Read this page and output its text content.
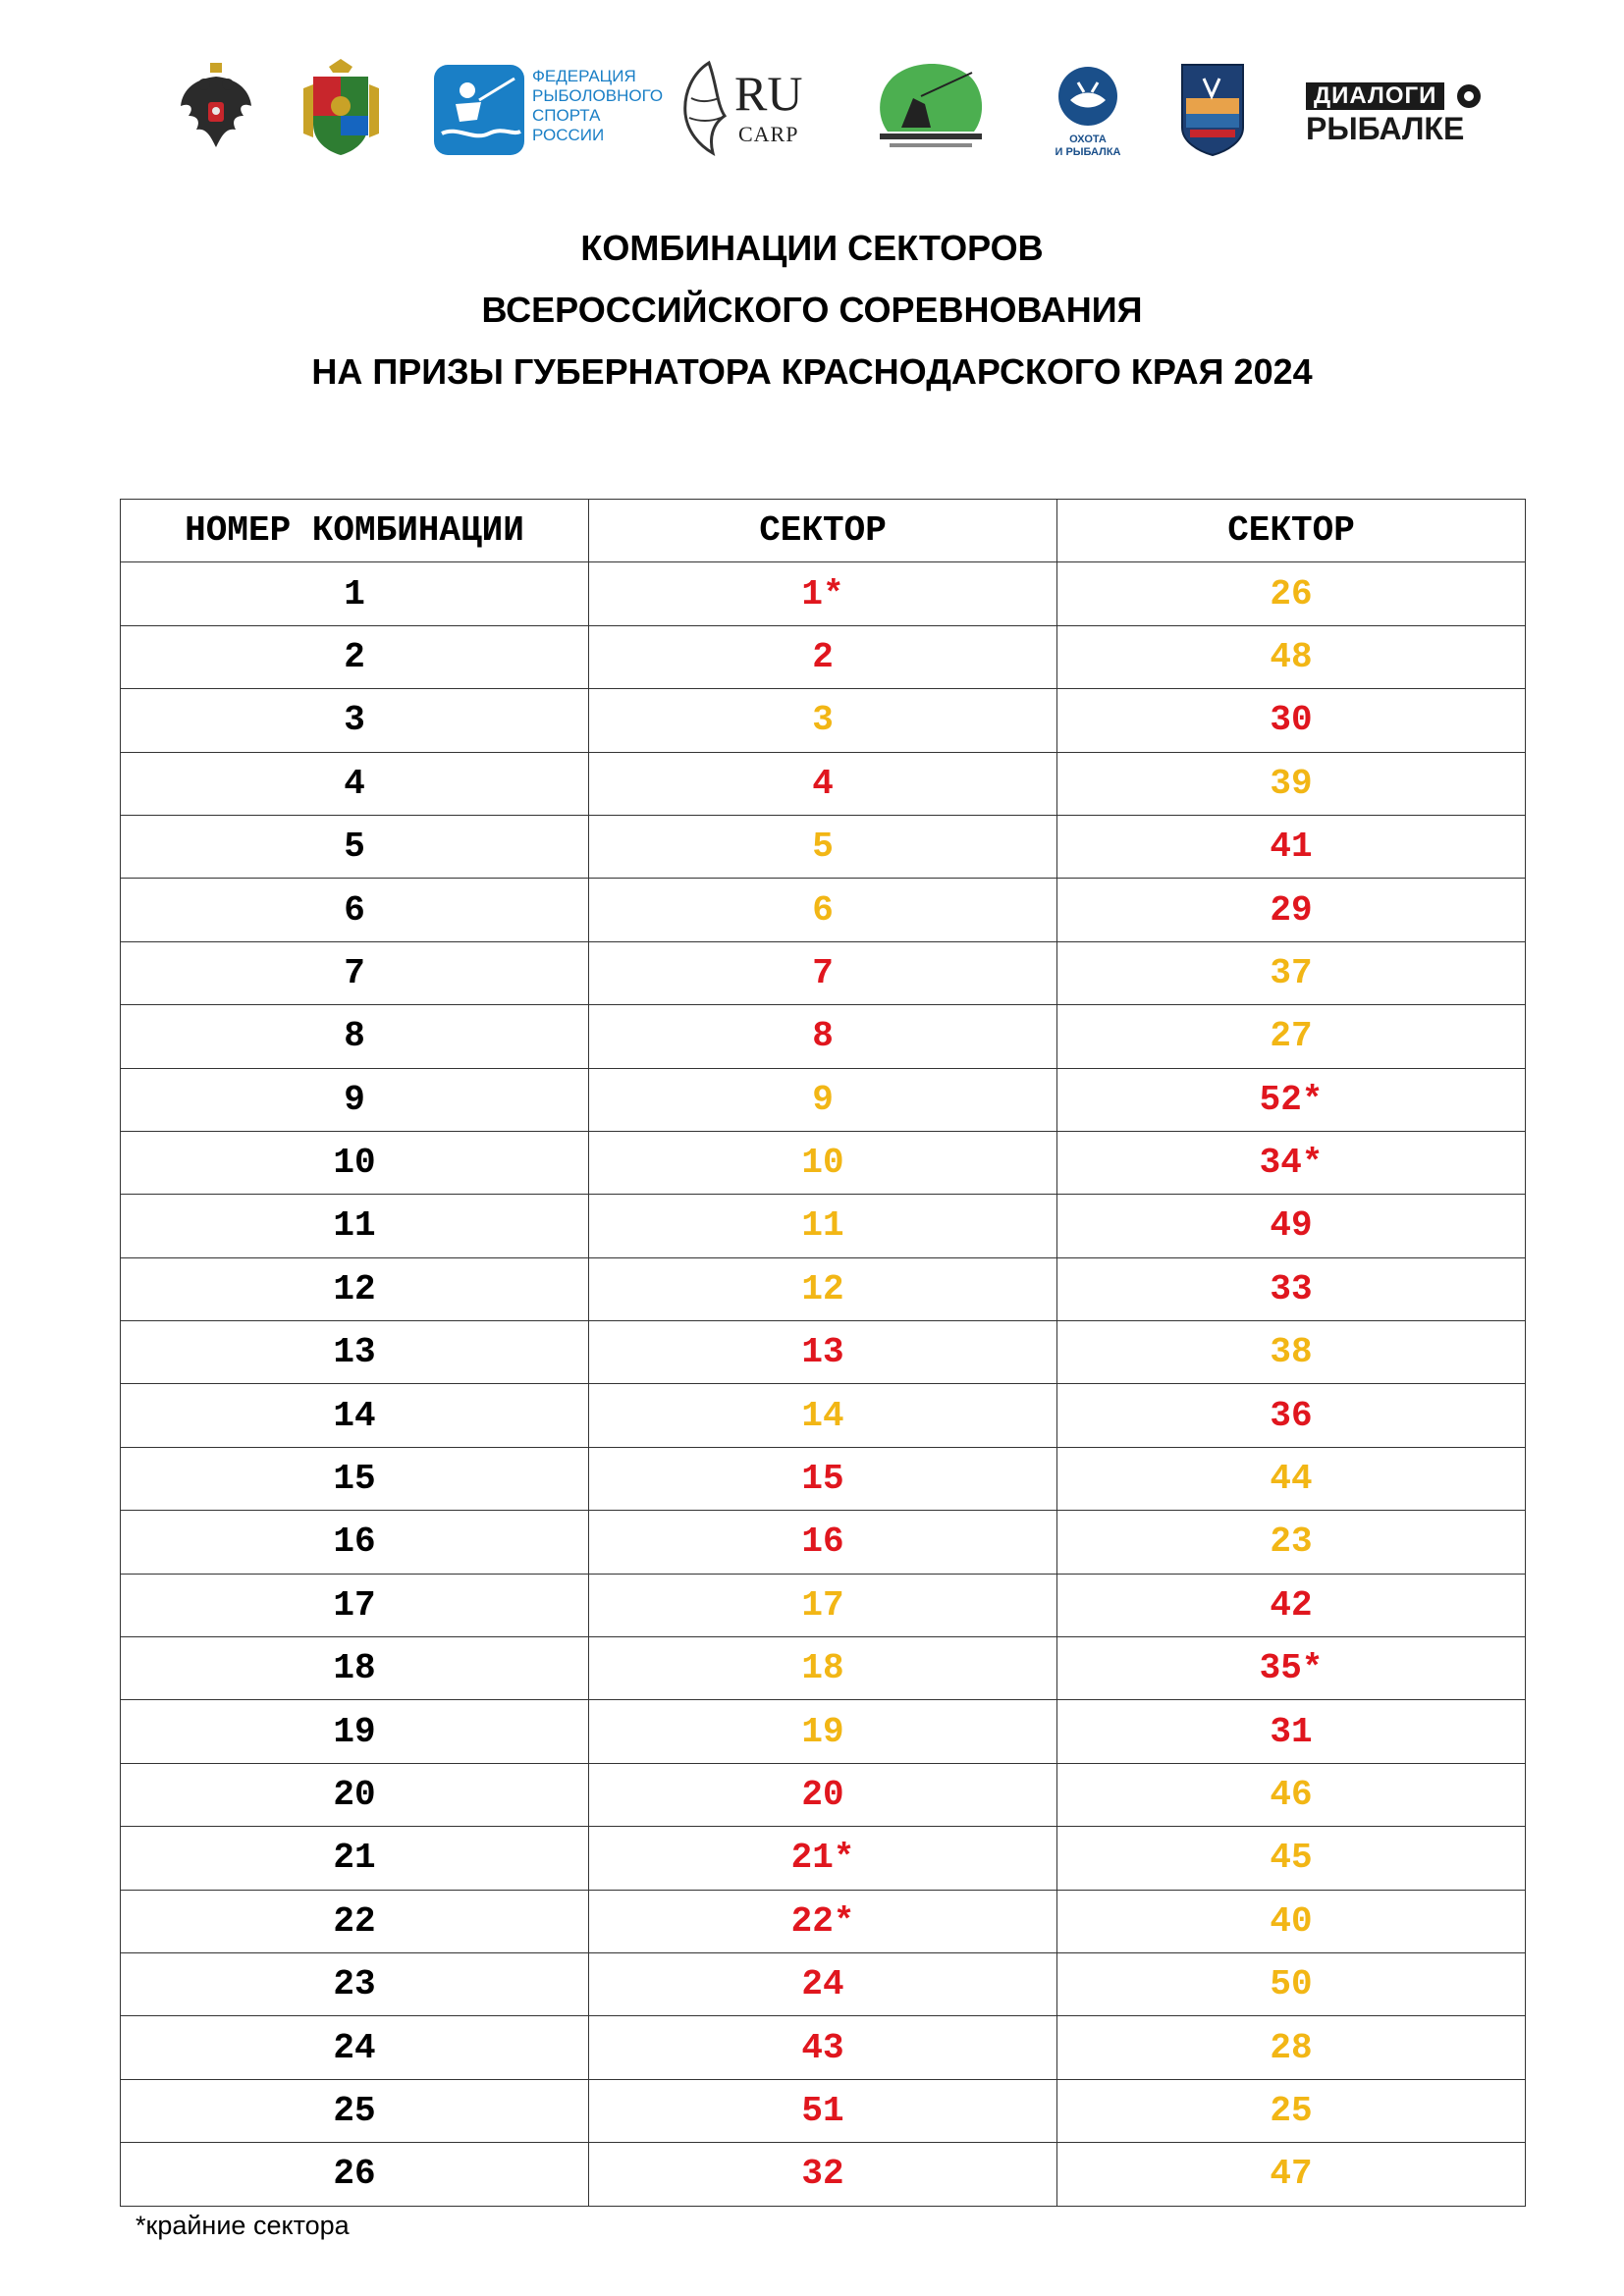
ФЕДЕРАЦИЯ
РЫБОЛОВНОГО
СПОРТА
РОССИИ
RU
CARP	ОХОТА
И РЫБАЛКА
ДИАЛОГИ
РЫБАЛКЕ
КОМБИНАЦИИ СЕКТОРОВ
ВСЕРОССИЙСКОГО СОРЕВНОВАНИЯ
НА ПРИЗЫ ГУБЕРНАТОРА КРАСНОДАРСКОГО КРАЯ 2024
НОМЕР КОМБИНАЦИИ	СЕКТОР	СЕКТОР
1	1*	26
2	2	48
3	3	30
4	4	39
5	5	41
6	6	29
7	7	37
8	8	27
9	9	52*
10	10	34*
11	11	49
12	12	33
13	13	38
14	14	36
15	15	44
16	16	23
17	17	42
18	18	35*
19	19	31
20	20	46
21	21*	45
22	22*	40
23	24	50
24	43	28
25	51	25
26	32	47
*крайние сектора
